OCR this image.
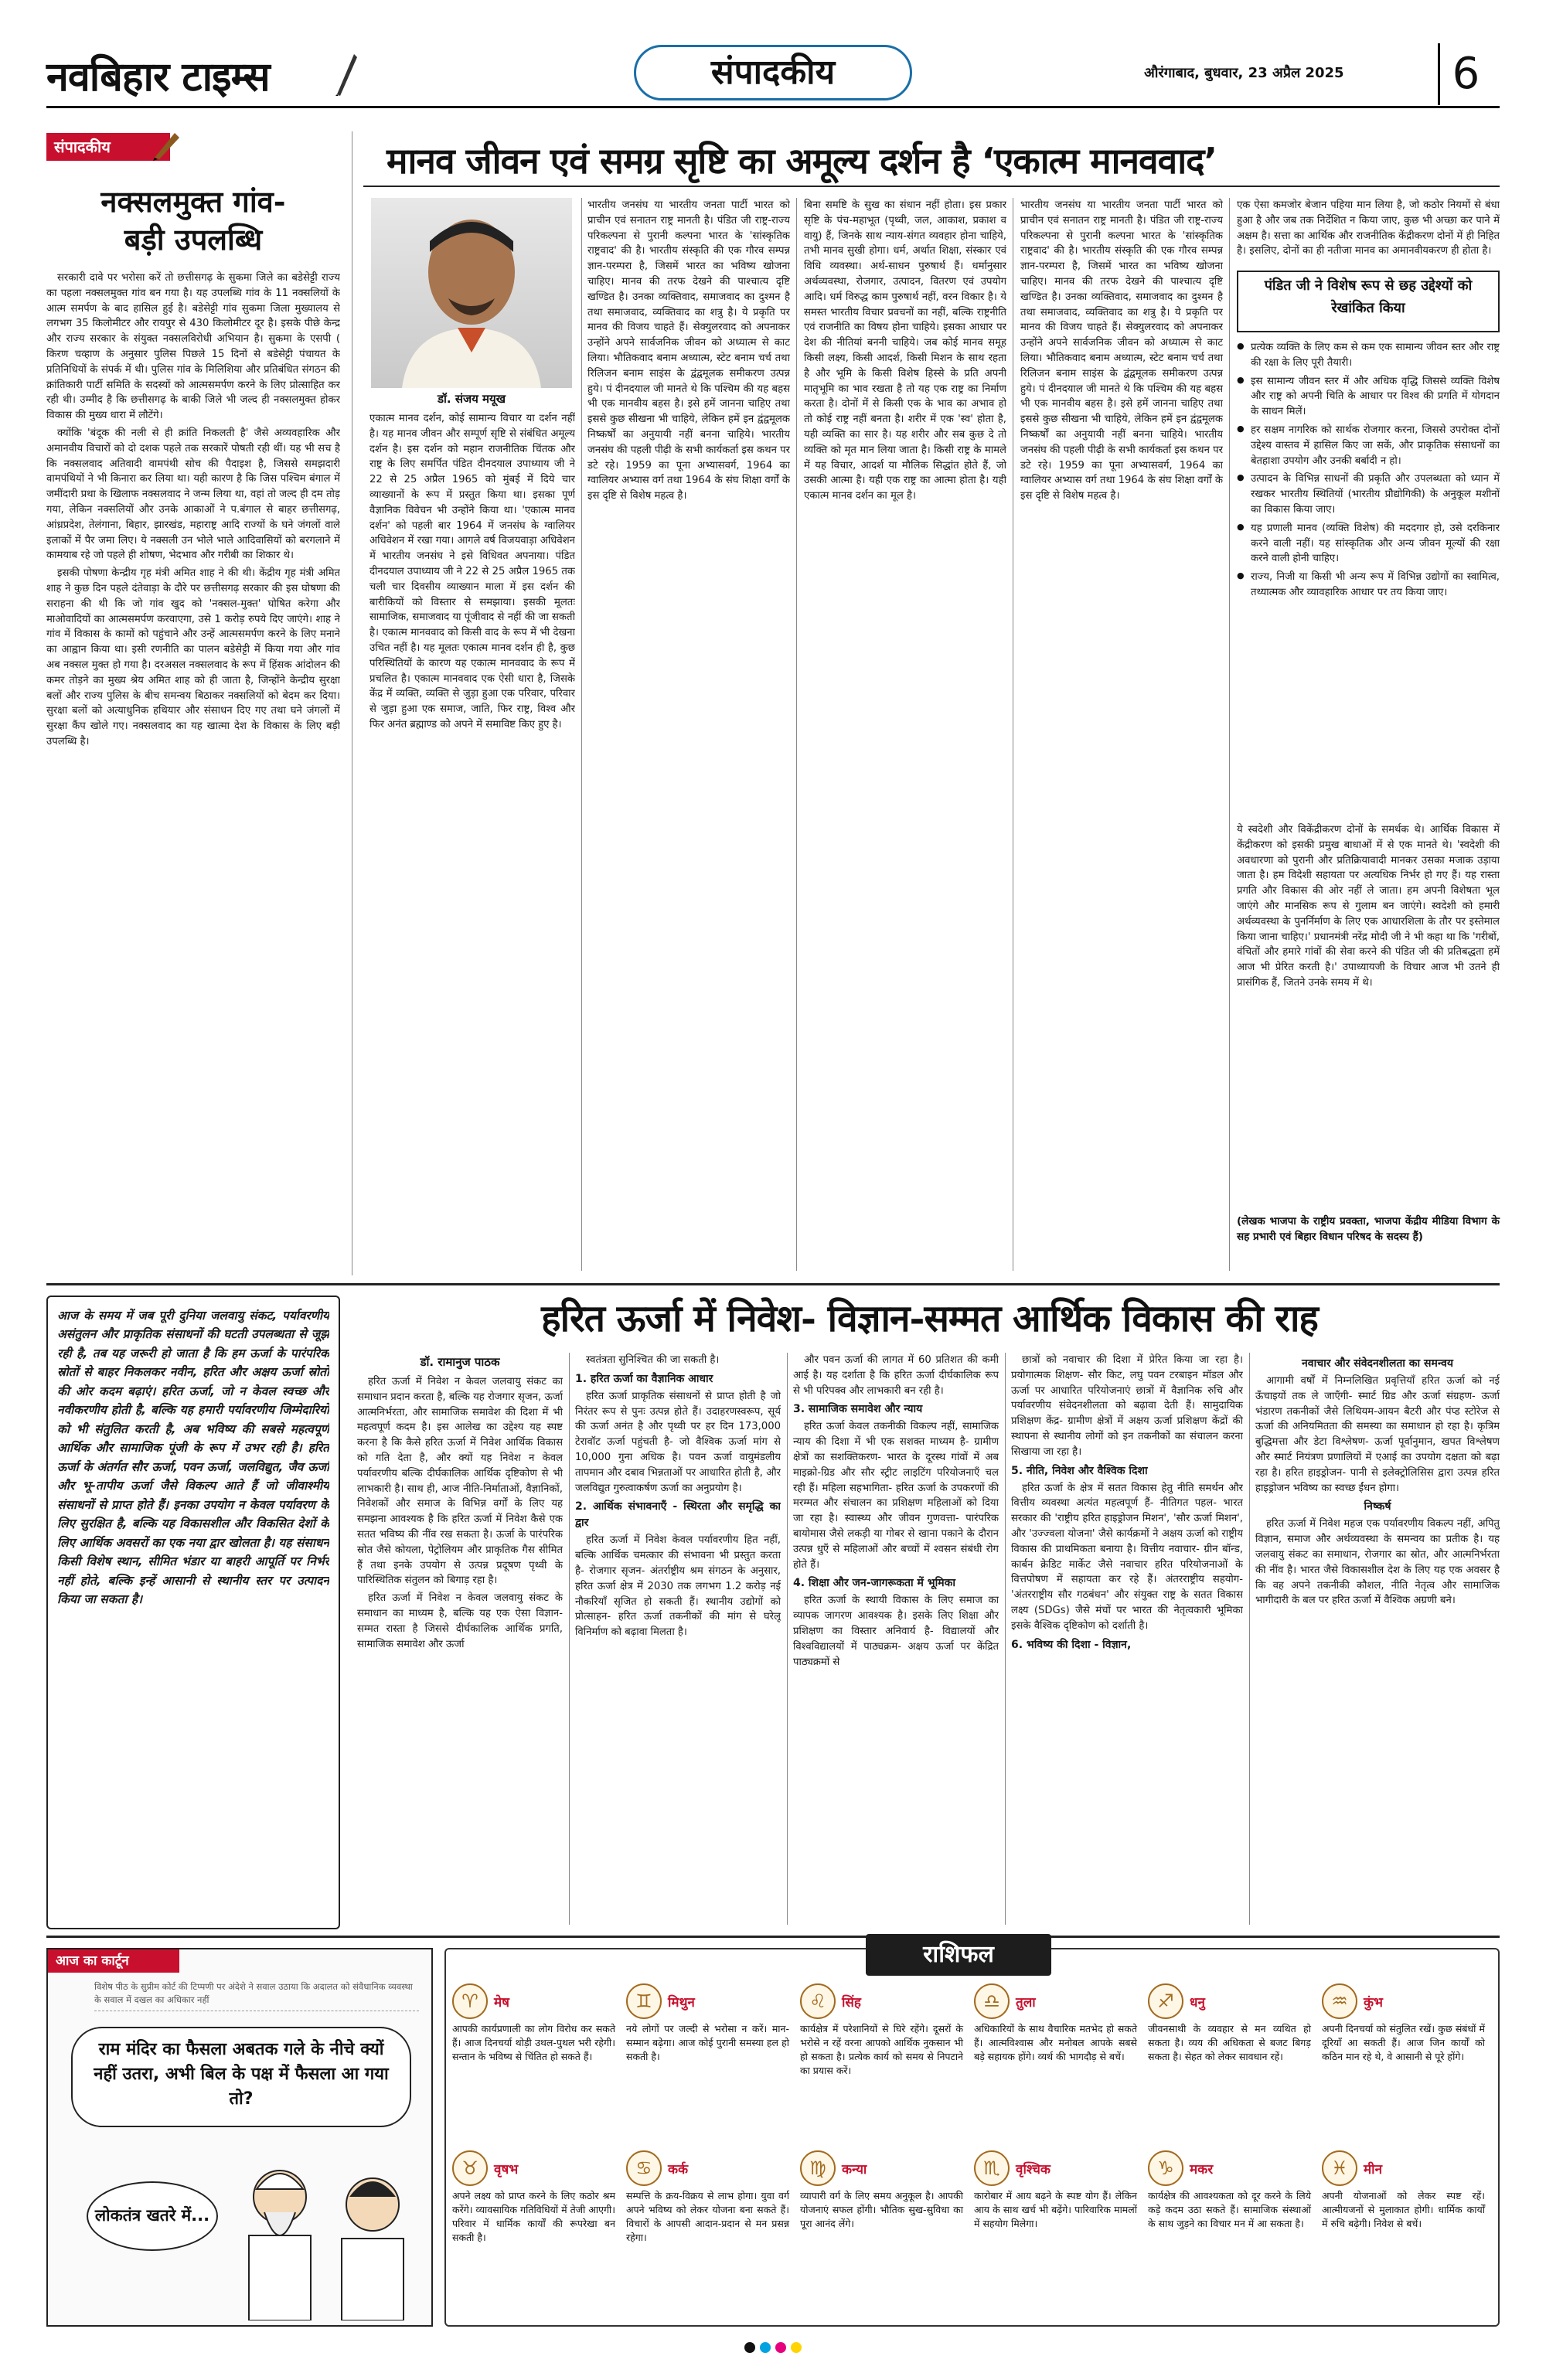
नवबिहार टाइम्स	संपादकीय	औरंगाबाद, बुधवार, 23 अप्रैल 2025	6
संपादकीय
नक्सलमुक्त गांव-
बड़ी उपलब्धि

सरकारी दावे पर भरोसा करें तो छत्तीसगढ़ के सुकमा जिले का बडेसेट्टी राज्य का पहला नक्सलमुक्त गांव बन गया है। यह उपलब्धि गांव के 11 नक्सलियों के आत्म समर्पण के बाद हासिल हुई है। बडेसेट्टी गांव सुकमा जिला मुख्यालय से लगभग 35 किलोमीटर और रायपुर से 430 किलोमीटर दूर है। इसके पीछे केन्द्र और राज्य सरकार के संयुक्त नक्सलविरोधी अभियान है। सुकमा के एसपी ( किरण चव्हाण के अनुसार पुलिस पिछले 15 दिनों से बडेसेट्टी पंचायत के प्रतिनिधियों के संपर्क में थी। पुलिस गांव के मिलिशिया और प्रतिबंधित संगठन की क्रांतिकारी पार्टी समिति के सदस्यों को आत्मसमर्पण करने के लिए प्रोत्साहित कर रही थी। उम्मीद है कि छत्तीसगढ़ के बाकी जिले भी जल्द ही नक्सलमुक्त होकर विकास की मुख्य धारा में लौटेंगे।

क्योंकि 'बंदूक की नली से ही क्रांति निकलती है' जैसे अव्यवहारिक और अमानवीय विचारों को दो दशक पहले तक सरकारें पोषती रही थीं। यह भी सच है कि नक्सलवाद अतिवादी वामपंथी सोच की पैदाइश है, जिससे समझदारी वामपंथियों ने भी किनारा कर लिया था। यही कारण है कि जिस पश्चिम बंगाल में जमींदारी प्रथा के खिलाफ नक्सलवाद ने जन्म लिया था, वहां तो जल्द ही दम तोड़ गया, लेकिन नक्सलियों और उनके आकाओं ने प.बंगाल से बाहर छत्तीसगढ़, आंध्रप्रदेश, तेलंगाना, बिहार, झारखंड, महाराष्ट्र आदि राज्यों के घने जंगलों वाले इलाकों में पैर जमा लिए। ये नक्सली उन भोले भाले आदिवासियों को बरगलाने में कामयाब रहे जो पहले ही शोषण, भेदभाव और गरीबी का शिकार थे।

इसकी पोषणा केन्द्रीय गृह मंत्री अमित शाह ने की थी। केंद्रीय गृह मंत्री अमित शाह ने कुछ दिन पहले दंतेवाड़ा के दौरे पर छत्तीसगढ़ सरकार की इस घोषणा की सराहना की थी कि जो गांव खुद को 'नक्सल-मुक्त' घोषित करेगा और माओवादियों का आत्मसमर्पण करवाएगा, उसे 1 करोड़ रुपये दिए जाएंगे। शाह ने गांव में विकास के कामों को पहुंचाने और उन्हें आत्मसमर्पण करने के लिए मनाने का आह्वान किया था। इसी रणनीति का पालन बडेसेट्टी में किया गया और गांव अब नक्सल मुक्त हो गया है। दरअसल नक्सलवाद के रूप में हिंसक आंदोलन की कमर तोड़ने का मुख्य श्रेय अमित शाह को ही जाता है, जिन्होंने केन्द्रीय सुरक्षा बलों और राज्य पुलिस के बीच समन्वय बिठाकर नक्सलियों को बेदम कर दिया। सुरक्षा बलों को अत्याधुनिक हथियार और संसाधन दिए गए तथा घने जंगलों में सुरक्षा कैंप खोले गए। नक्सलवाद का यह खात्मा देश के विकास के लिए बड़ी उपलब्धि है।

मानव जीवन एवं समग्र सृष्टि का अमूल्य दर्शन है ‘एकात्म मानववाद’
डॉ. संजय मयूख
एकात्म मानव दर्शन, कोई सामान्य विचार या दर्शन नहीं है। यह मानव जीवन और सम्पूर्ण सृष्टि से संबंधित अमूल्य दर्शन है। इस दर्शन को महान राजनीतिक चिंतक और राष्ट्र के लिए समर्पित पंडित दीनदयाल उपाध्याय जी ने 22 से 25 अप्रैल 1965 को मुंबई में दिये चार व्याख्यानों के रूप में प्रस्तुत किया था। इसका पूर्ण वैज्ञानिक विवेचन भी उन्होंने किया था। 'एकात्म मानव दर्शन' को पहली बार 1964 में जनसंघ के ग्वालियर अधिवेशन में रखा गया। आगले वर्ष विजयवाड़ा अधिवेशन में भारतीय जनसंघ ने इसे विधिवत अपनाया। पंडित दीनदयाल उपाध्याय जी ने 22 से 25 अप्रैल 1965 तक चली चार दिवसीय व्याख्यान माला में इस दर्शन की बारीकियों को विस्तार से समझाया। इसकी मूलतः सामाजिक, समाजवाद या पूंजीवाद से नहीं की जा सकती है। एकात्म मानववाद को किसी वाद के रूप में भी देखना उचित नहीं है। यह मूलतः एकात्म मानव दर्शन ही है, कुछ परिस्थितियों के कारण यह एकात्म मानववाद के रूप में प्रचलित है। एकात्म मानववाद एक ऐसी धारा है, जिसके केंद्र में व्यक्ति, व्यक्ति से जुड़ा हुआ एक परिवार, परिवार से जुड़ा हुआ एक समाज, जाति, फिर राष्ट्र, विश्व और फिर अनंत ब्रह्माण्ड को अपने में समाविष्ट किए हुए है।
भारतीय जनसंघ या भारतीय जनता पार्टी भारत को प्राचीन एवं सनातन राष्ट्र मानती है। पंडित जी राष्ट्र-राज्य परिकल्पना से पुरानी कल्पना भारत के 'सांस्कृतिक राष्ट्रवाद' की है। भारतीय संस्कृति की एक गौरव सम्पन्न ज्ञान-परम्परा है, जिसमें भारत का भविष्य खोजना चाहिए। मानव की तरफ देखने की पाश्चात्य दृष्टि खण्डित है। उनका व्यक्तिवाद, समाजवाद का दुश्मन है तथा समाजवाद, व्यक्तिवाद का शत्रु है। ये प्रकृति पर मानव की विजय चाहते हैं। सेक्युलरवाद को अपनाकर उन्होंने अपने सार्वजनिक जीवन को अध्यात्म से काट लिया। भौतिकवाद बनाम अध्यात्म, स्टेट बनाम चर्च तथा रिलिजन बनाम साइंस के द्वंद्वमूलक समीकरण उत्पन्न हुये। पं दीनदयाल जी मानते थे कि पश्चिम की यह बहस भी एक मानवीय बहस है। इसे हमें जानना चाहिए तथा इससे कुछ सीखना भी चाहिये, लेकिन हमें इन द्वंद्वमूलक निष्कर्षों का अनुयायी नहीं बनना चाहिये। भारतीय जनसंघ की पहली पीढ़ी के सभी कार्यकर्ता इस कथन पर डटे रहे। 1959 का पूना अभ्यासवर्ग, 1964 का ग्वालियर अभ्यास वर्ग तथा 1964 के संघ शिक्षा वर्गों के इस दृष्टि से विशेष महत्व है।
बिना समष्टि के सुख का संधान नहीं होता। इस प्रकार सृष्टि के पंच-महाभूत (पृथ्वी, जल, आकाश, प्रकाश व वायु) हैं, जिनके साथ न्याय-संगत व्यवहार होना चाहिये, तभी मानव सुखी होगा। धर्म, अर्थात शिक्षा, संस्कार एवं विधि व्यवस्था। अर्थ-साधन पुरुषार्थ हैं। धर्मानुसार अर्थव्यवस्था, रोजगार, उत्पादन, वितरण एवं उपयोग आदि। धर्म विरुद्ध काम पुरुषार्थ नहीं, वरन विकार है। ये समस्त भारतीय विचार प्रवचनों का नहीं, बल्कि राष्ट्रनीति एवं राजनीति का विषय होना चाहिये। इसका आधार पर देश की नीतियां बननी चाहिये। जब कोई मानव समूह किसी लक्ष्य, किसी आदर्श, किसी मिशन के साथ रहता है और भूमि के किसी विशेष हिस्से के प्रति अपनी मातृभूमि का भाव रखता है तो यह एक राष्ट्र का निर्माण करता है। दोनों में से किसी एक के भाव का अभाव हो तो कोई राष्ट्र नहीं बनता है। शरीर में एक 'स्व' होता है, यही व्यक्ति का सार है। यह शरीर और सब कुछ दे तो व्यक्ति को मृत मान लिया जाता है। किसी राष्ट्र के मामले में यह विचार, आदर्श या मौलिक सिद्धांत होते हैं, जो उसकी आत्मा है। यही एक राष्ट्र का आत्मा होता है। यही एकात्म मानव दर्शन का मूल है।
भारतीय जनसंघ या भारतीय जनता पार्टी भारत को प्राचीन एवं सनातन राष्ट्र मानती है। पंडित जी राष्ट्र-राज्य परिकल्पना से पुरानी कल्पना भारत के 'सांस्कृतिक राष्ट्रवाद' की है। भारतीय संस्कृति की एक गौरव सम्पन्न ज्ञान-परम्परा है, जिसमें भारत का भविष्य खोजना चाहिए। मानव की तरफ देखने की पाश्चात्य दृष्टि खण्डित है। उनका व्यक्तिवाद, समाजवाद का दुश्मन है तथा समाजवाद, व्यक्तिवाद का शत्रु है। ये प्रकृति पर मानव की विजय चाहते हैं। सेक्युलरवाद को अपनाकर उन्होंने अपने सार्वजनिक जीवन को अध्यात्म से काट लिया। भौतिकवाद बनाम अध्यात्म, स्टेट बनाम चर्च तथा रिलिजन बनाम साइंस के द्वंद्वमूलक समीकरण उत्पन्न हुये। पं दीनदयाल जी मानते थे कि पश्चिम की यह बहस भी एक मानवीय बहस है। इसे हमें जानना चाहिए तथा इससे कुछ सीखना भी चाहिये, लेकिन हमें इन द्वंद्वमूलक निष्कर्षों का अनुयायी नहीं बनना चाहिये। भारतीय जनसंघ की पहली पीढ़ी के सभी कार्यकर्ता इस कथन पर डटे रहे। 1959 का पूना अभ्यासवर्ग, 1964 का ग्वालियर अभ्यास वर्ग तथा 1964 के संघ शिक्षा वर्गों के इस दृष्टि से विशेष महत्व है।
एक ऐसा कमजोर बेजान पहिया मान लिया है, जो कठोर नियमों से बंधा हुआ है और जब तक निर्देशित न किया जाए, कुछ भी अच्छा कर पाने में अक्षम है। सत्ता का आर्थिक और राजनीतिक केंद्रीकरण दोनों में ही निहित है। इसलिए, दोनों का ही नतीजा मानव का अमानवीयकरण ही होता है।
पंडित जी ने विशेष रूप से छह उद्देश्यों को रेखांकित किया
● प्रत्येक व्यक्ति के लिए कम से कम एक सामान्य जीवन स्तर और राष्ट्र की रक्षा के लिए पूरी तैयारी।
● इस सामान्य जीवन स्तर में और अधिक वृद्धि जिससे व्यक्ति विशेष और राष्ट्र को अपनी चिति के आधार पर विश्व की प्रगति में योगदान के साधन मिलें।
● हर सक्षम नागरिक को सार्थक रोजगार करना, जिससे उपरोक्त दोनों उद्देश्य वास्तव में हासिल किए जा सकें, और प्राकृतिक संसाधनों का बेतहाशा उपयोग और उनकी बर्बादी न हो।
● उत्पादन के विभिन्न साधनों की प्रकृति और उपलब्धता को ध्यान में रखकर भारतीय स्थितियों (भारतीय प्रौद्योगिकी) के अनुकूल मशीनों का विकास किया जाए।
● यह प्रणाली मानव (व्यक्ति विशेष) की मददगार हो, उसे दरकिनार करने वाली नहीं। यह सांस्कृतिक और अन्य जीवन मूल्यों की रक्षा करने वाली होनी चाहिए।
● राज्य, निजी या किसी भी अन्य रूप में विभिन्न उद्योगों का स्वामित्व, तथ्यात्मक और व्यावहारिक आधार पर तय किया जाए।
ये स्वदेशी और विकेंद्रीकरण दोनों के समर्थक थे। आर्थिक विकास में केंद्रीकरण को इसकी प्रमुख बाधाओं में से एक मानते थे। 'स्वदेशी की अवधारणा को पुरानी और प्रतिक्रियावादी मानकर उसका मजाक उड़ाया जाता है। हम विदेशी सहायता पर अत्यधिक निर्भर हो गए हैं। यह रास्ता प्रगति और विकास की ओर नहीं ले जाता। हम अपनी विशेषता भूल जाएंगे और मानसिक रूप से गुलाम बन जाएंगे। स्वदेशी को हमारी अर्थव्यवस्था के पुनर्निर्माण के लिए एक आधारशिला के तौर पर इस्तेमाल किया जाना चाहिए।' प्रधानमंत्री नरेंद्र मोदी जी ने भी कहा था कि 'गरीबों, वंचितों और हमारे गांवों की सेवा करने की पंडित जी की प्रतिबद्धता हमें आज भी प्रेरित करती है।' उपाध्यायजी के विचार आज भी उतने ही प्रासंगिक हैं, जितने उनके समय में थे।
(लेखक भाजपा के राष्ट्रीय प्रवक्ता, भाजपा केंद्रीय मीडिया विभाग के सह प्रभारी एवं बिहार विधान परिषद के सदस्य हैं)
आज के समय में जब पूरी दुनिया जलवायु संकट, पर्यावरणीय असंतुलन और प्राकृतिक संसाधनों की घटती उपलब्धता से जूझ रही है, तब यह जरूरी हो जाता है कि हम ऊर्जा के पारंपरिक स्रोतों से बाहर निकलकर नवीन, हरित और अक्षय ऊर्जा स्रोतों की ओर कदम बढ़ाएं। हरित ऊर्जा, जो न केवल स्वच्छ और नवीकरणीय होती है, बल्कि यह हमारी पर्यावरणीय जिम्मेदारियों को भी संतुलित करती है, अब भविष्य की सबसे महत्वपूर्ण आर्थिक और सामाजिक पूंजी के रूप में उभर रही है। हरित ऊर्जा के अंतर्गत सौर ऊर्जा, पवन ऊर्जा, जलविद्युत, जैव ऊर्जा और भू-तापीय ऊर्जा जैसे विकल्प आते हैं जो जीवाश्मीय संसाधनों से प्राप्त होते हैं। इनका उपयोग न केवल पर्यावरण के लिए सुरक्षित है, बल्कि यह विकासशील और विकसित देशों के लिए आर्थिक अवसरों का एक नया द्वार खोलता है। यह संसाधन किसी विशेष स्थान, सीमित भंडार या बाहरी आपूर्ति पर निर्भर नहीं होते, बल्कि इन्हें आसानी से स्थानीय स्तर पर उत्पादन किया जा सकता है।
हरित ऊर्जा में निवेश- विज्ञान-सम्मत आर्थिक विकास की राह
डॉ. रामानुज पाठक

हरित ऊर्जा में निवेश न केवल जलवायु संकट का समाधान प्रदान करता है, बल्कि यह रोजगार सृजन, ऊर्जा आत्मनिर्भरता, और सामाजिक समावेश की दिशा में भी महत्वपूर्ण कदम है। इस आलेख का उद्देश्य यह स्पष्ट करना है कि कैसे हरित ऊर्जा में निवेश आर्थिक विकास को गति देता है, और क्यों यह निवेश न केवल पर्यावरणीय बल्कि दीर्घकालिक आर्थिक दृष्टिकोण से भी लाभकारी है। साथ ही, आज नीति-निर्माताओं, वैज्ञानिकों, निवेशकों और समाज के विभिन्न वर्गों के लिए यह समझना आवश्यक है कि हरित ऊर्जा में निवेश कैसे एक सतत भविष्य की नींव रख सकता है। ऊर्जा के पारंपरिक स्रोत जैसे कोयला, पेट्रोलियम और प्राकृतिक गैस सीमित हैं तथा इनके उपयोग से उत्पन्न प्रदूषण पृथ्वी के पारिस्थितिक संतुलन को बिगाड़ रहा है।

हरित ऊर्जा में निवेश न केवल जलवायु संकट के समाधान का माध्यम है, बल्कि यह एक ऐसा विज्ञान-सम्मत रास्ता है जिससे दीर्घकालिक आर्थिक प्रगति, सामाजिक समावेश और ऊर्जा

स्वतंत्रता सुनिश्चित की जा सकती है।

1. हरित ऊर्जा का वैज्ञानिक आधार

हरित ऊर्जा प्राकृतिक संसाधनों से प्राप्त होती है जो निरंतर रूप से पुनः उत्पन्न होते हैं। उदाहरणस्वरूप, सूर्य की ऊर्जा अनंत है और पृथ्वी पर हर दिन 173,000 टेरावॉट ऊर्जा पहुंचती है- जो वैश्विक ऊर्जा मांग से 10,000 गुना अधिक है। पवन ऊर्जा वायुमंडलीय तापमान और दबाव भिन्नताओं पर आधारित होती है, और जलविद्युत गुरुत्वाकर्षण ऊर्जा का अनुप्रयोग है।

2. आर्थिक संभावनाएँ - स्थिरता और समृद्धि का द्वार

हरित ऊर्जा में निवेश केवल पर्यावरणीय हित नहीं, बल्कि आर्थिक चमत्कार की संभावना भी प्रस्तुत करता है- रोजगार सृजन- अंतर्राष्ट्रीय श्रम संगठन के अनुसार, हरित ऊर्जा क्षेत्र में 2030 तक लगभग 1.2 करोड़ नई नौकरियाँ सृजित हो सकती हैं। स्थानीय उद्योगों को प्रोत्साहन- हरित ऊर्जा तकनीकों की मांग से घरेलू विनिर्माण को बढ़ावा मिलता है।

और पवन ऊर्जा की लागत में 60 प्रतिशत की कमी आई है। यह दर्शाता है कि हरित ऊर्जा दीर्घकालिक रूप से भी परिपक्व और लाभकारी बन रही है।

3. सामाजिक समावेश और न्याय

हरित ऊर्जा केवल तकनीकी विकल्प नहीं, सामाजिक न्याय की दिशा में भी एक सशक्त माध्यम है- ग्रामीण क्षेत्रों का सशक्तिकरण- भारत के दूरस्थ गांवों में अब माइक्रो-ग्रिड और सौर स्ट्रीट लाइटिंग परियोजनाएँ चल रही हैं। महिला सहभागिता- हरित ऊर्जा के उपकरणों की मरम्मत और संचालन का प्रशिक्षण महिलाओं को दिया जा रहा है। स्वास्थ्य और जीवन गुणवत्ता- पारंपरिक बायोमास जैसे लकड़ी या गोबर से खाना पकाने के दौरान उत्पन्न धुएँ से महिलाओं और बच्चों में श्वसन संबंधी रोग होते हैं।

4. शिक्षा और जन-जागरूकता में भूमिका

हरित ऊर्जा के स्थायी विकास के लिए समाज का व्यापक जागरण आवश्यक है। इसके लिए शिक्षा और प्रशिक्षण का विस्तार अनिवार्य है- विद्यालयों और विश्वविद्यालयों में पाठ्यक्रम- अक्षय ऊर्जा पर केंद्रित पाठ्यक्रमों से

छात्रों को नवाचार की दिशा में प्रेरित किया जा रहा है। प्रयोगात्मक शिक्षण- सौर किट, लघु पवन टरबाइन मॉडल और ऊर्जा पर आधारित परियोजनाएं छात्रों में वैज्ञानिक रुचि और पर्यावरणीय संवेदनशीलता को बढ़ावा देती हैं। सामुदायिक प्रशिक्षण केंद्र- ग्रामीण क्षेत्रों में अक्षय ऊर्जा प्रशिक्षण केंद्रों की स्थापना से स्थानीय लोगों को इन तकनीकों का संचालन करना सिखाया जा रहा है।

5. नीति, निवेश और वैश्विक दिशा

हरित ऊर्जा के क्षेत्र में सतत विकास हेतु नीति समर्थन और वित्तीय व्यवस्था अत्यंत महत्वपूर्ण हैं- नीतिगत पहल- भारत सरकार की 'राष्ट्रीय हरित हाइड्रोजन मिशन', 'सौर ऊर्जा मिशन', और 'उज्ज्वला योजना' जैसे कार्यक्रमों ने अक्षय ऊर्जा को राष्ट्रीय विकास की प्राथमिकता बनाया है। वित्तीय नवाचार- ग्रीन बॉन्ड, कार्बन क्रेडिट मार्केट जैसे नवाचार हरित परियोजनाओं के वित्तपोषण में सहायता कर रहे हैं। अंतरराष्ट्रीय सहयोग- 'अंतरराष्ट्रीय सौर गठबंधन' और संयुक्त राष्ट्र के सतत विकास लक्ष्य (SDGs) जैसे मंचों पर भारत की नेतृत्वकारी भूमिका इसके वैश्विक दृष्टिकोण को दर्शाती है।

6. भविष्य की दिशा - विज्ञान,
नवाचार और संवेदनशीलता का समन्वय

आगामी वर्षों में निम्नलिखित प्रवृत्तियाँ हरित ऊर्जा को नई ऊँचाइयों तक ले जाएँगी- स्मार्ट ग्रिड और ऊर्जा संग्रहण- ऊर्जा भंडारण तकनीकों जैसे लिथियम-आयन बैटरी और पंप्ड स्टोरेज से ऊर्जा की अनियमितता की समस्या का समाधान हो रहा है। कृत्रिम बुद्धिमत्ता और डेटा विश्लेषण- ऊर्जा पूर्वानुमान, खपत विश्लेषण और स्मार्ट नियंत्रण प्रणालियों में एआई का उपयोग दक्षता को बढ़ा रहा है। हरित हाइड्रोजन- पानी से इलेक्ट्रोलिसिस द्वारा उत्पन्न हरित हाइड्रोजन भविष्य का स्वच्छ ईंधन होगा।

निष्कर्ष

हरित ऊर्जा में निवेश महज एक पर्यावरणीय विकल्प नहीं, अपितु विज्ञान, समाज और अर्थव्यवस्था के समन्वय का प्रतीक है। यह जलवायु संकट का समाधान, रोजगार का स्रोत, और आत्मनिर्भरता की नींव है। भारत जैसे विकासशील देश के लिए यह एक अवसर है कि वह अपने तकनीकी कौशल, नीति नेतृत्व और सामाजिक भागीदारी के बल पर हरित ऊर्जा में वैश्विक अग्रणी बने।

आज का कार्टून
विशेष पीठ के सुप्रीम कोर्ट की टिप्पणी पर अंदेशे ने सवाल उठाया कि अदालत को संवैधानिक व्यवस्था के सवाल में दखल का अधिकार नहीं
राम मंदिर का फैसला अबतक गले के नीचे क्यों नहीं उतरा, अभी बिल के पक्ष में फैसला आ गया तो?
लोकतंत्र खतरे में...
राशिफल
♈	मेष
आपकी कार्यप्रणाली का लोग विरोध कर सकते हैं। आज दिनचर्या थोड़ी उथल-पुथल भरी रहेगी। सन्तान के भविष्य से चिंतित हो सकते हैं।
♊	मिथुन
नये लोगों पर जल्दी से भरोसा न करें। मान-सम्मान बढ़ेगा। आज कोई पुरानी समस्या हल हो सकती है।
♌	सिंह
कार्यक्षेत्र में परेशानियों से घिरे रहेंगे। दूसरों के भरोसे न रहें वरना आपको आर्थिक नुकसान भी हो सकता है। प्रत्येक कार्य को समय से निपटाने का प्रयास करें।
♎	तुला
अधिकारियों के साथ वैचारिक मतभेद हो सकते हैं। आत्मविश्वास और मनोबल आपके सबसे बड़े सहायक होंगे। व्यर्थ की भागदौड़ से बचें।
♐	धनु
जीवनसाथी के व्यवहार से मन व्यथित हो सकता है। व्यय की अधिकता से बजट बिगड़ सकता है। सेहत को लेकर सावधान रहें।
♒	कुंभ
अपनी दिनचर्या को संतुलित रखें। कुछ संबंधों में दूरियाँ आ सकती हैं। आज जिन कार्यों को कठिन मान रहे थे, वे आसानी से पूरे होंगे।
♉	वृषभ
अपने लक्ष्य को प्राप्त करने के लिए कठोर श्रम करेंगे। व्यावसायिक गतिविधियों में तेजी आएगी। परिवार में धार्मिक कार्यों की रूपरेखा बन सकती है।
♋	कर्क
सम्पत्ति के क्रय-विक्रय से लाभ होगा। युवा वर्ग अपने भविष्य को लेकर योजना बना सकते हैं। विचारों के आपसी आदान-प्रदान से मन प्रसन्न रहेगा।
♍	कन्या
व्यापारी वर्ग के लिए समय अनुकूल है। आपकी योजनाएं सफल होंगी। भौतिक सुख-सुविधा का पूरा आनंद लेंगे।
♏	वृश्चिक
कारोबार में आय बढ़ने के स्पष्ट योग हैं। लेकिन आय के साथ खर्च भी बढ़ेंगे। पारिवारिक मामलों में सहयोग मिलेगा।
♑	मकर
कार्यक्षेत्र की आवश्यकता को दूर करने के लिये कड़े कदम उठा सकते हैं। सामाजिक संस्थाओं के साथ जुड़ने का विचार मन में आ सकता है।
♓	मीन
अपनी योजनाओं को लेकर स्पष्ट रहें। आत्मीयजनों से मुलाकात होगी। धार्मिक कार्यों में रुचि बढ़ेगी। निवेश से बचें।
